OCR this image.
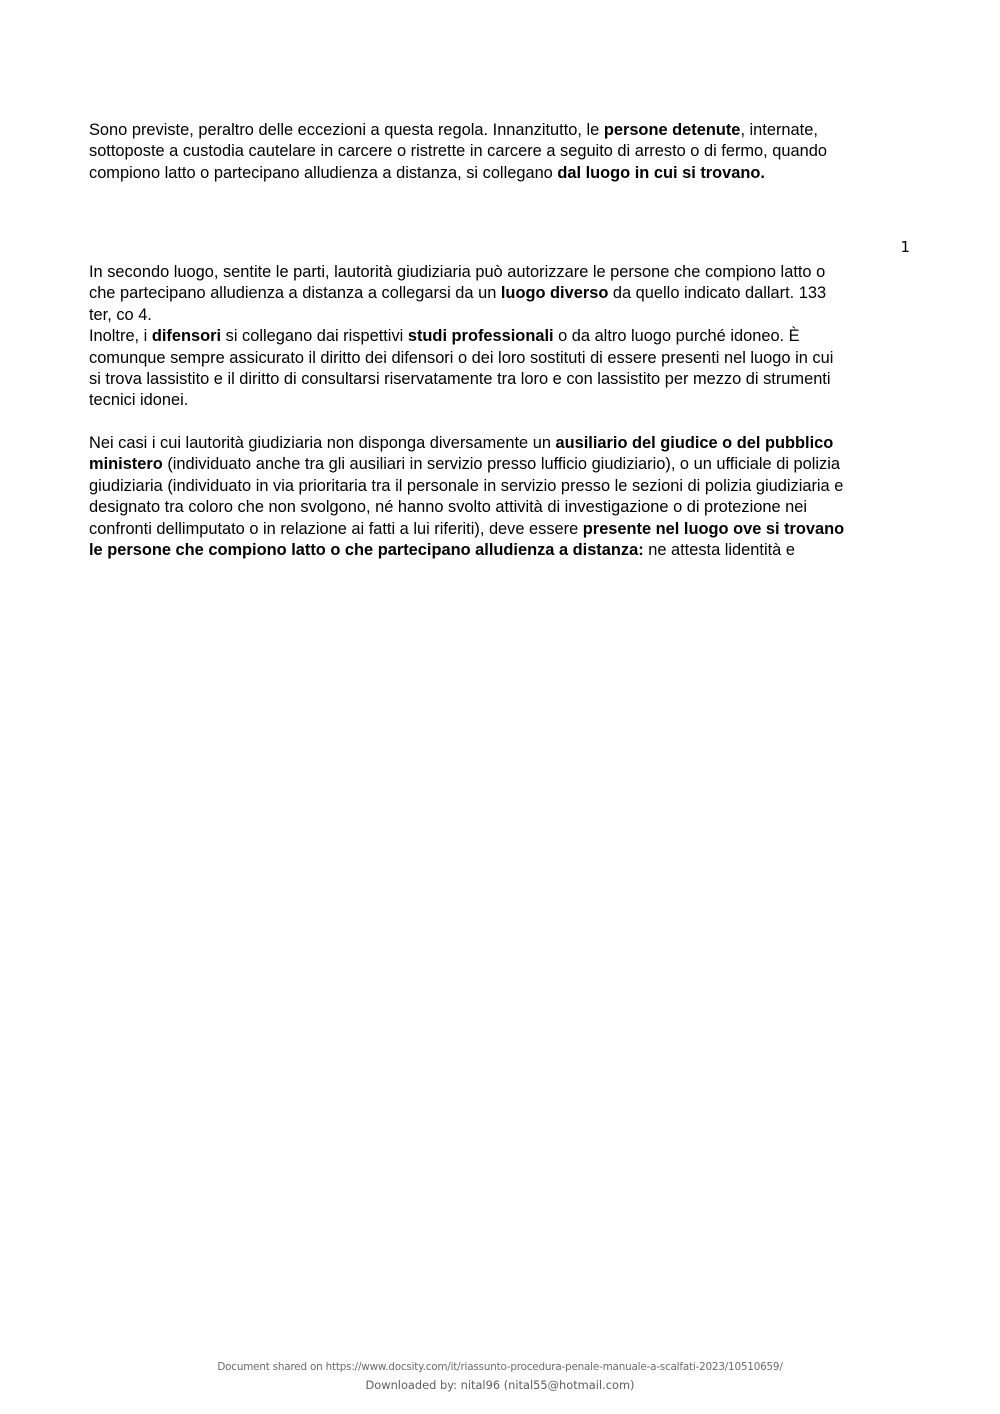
Sono previste, peraltro delle eccezioni a questa regola. Innanzitutto, le persone detenute, internate,
sottoposte a custodia cautelare in carcere o ristrette in carcere a seguito di arresto o di fermo, quando
compiono latto o partecipano alludienza a distanza, si collegano dal luogo in cui si trovano.

1

In secondo luogo, sentite le parti, lautorità giudiziaria può autorizzare le persone che compiono latto o
che partecipano alludienza a distanza a collegarsi da un luogo diverso da quello indicato dallart. 133
ter, co 4.
Inoltre, i difensori si collegano dai rispettivi studi professionali o da altro luogo purché idoneo. È
comunque sempre assicurato il diritto dei difensori o dei loro sostituti di essere presenti nel luogo in cui
si trova lassistito e il diritto di consultarsi riservatamente tra loro e con lassistito per mezzo di strumenti
tecnici idonei.

Nei casi i cui lautorità giudiziaria non disponga diversamente un ausiliario del giudice o del pubblico
ministero (individuato anche tra gli ausiliari in servizio presso lufficio giudiziario), o un ufficiale di polizia
giudiziaria (individuato in via prioritaria tra il personale in servizio presso le sezioni di polizia giudiziaria e
designato tra coloro che non svolgono, né hanno svolto attività di investigazione o di protezione nei
confronti dellimputato o in relazione ai fatti a lui riferiti), deve essere presente nel luogo ove si trovano
le persone che compiono latto o che partecipano alludienza a distanza: ne attesta lidentità e

Document shared on https://www.docsity.com/it/riassunto-procedura-penale-manuale-a-scalfati-2023/10510659/
Downloaded by: nital96 (nital55@hotmail.com)
